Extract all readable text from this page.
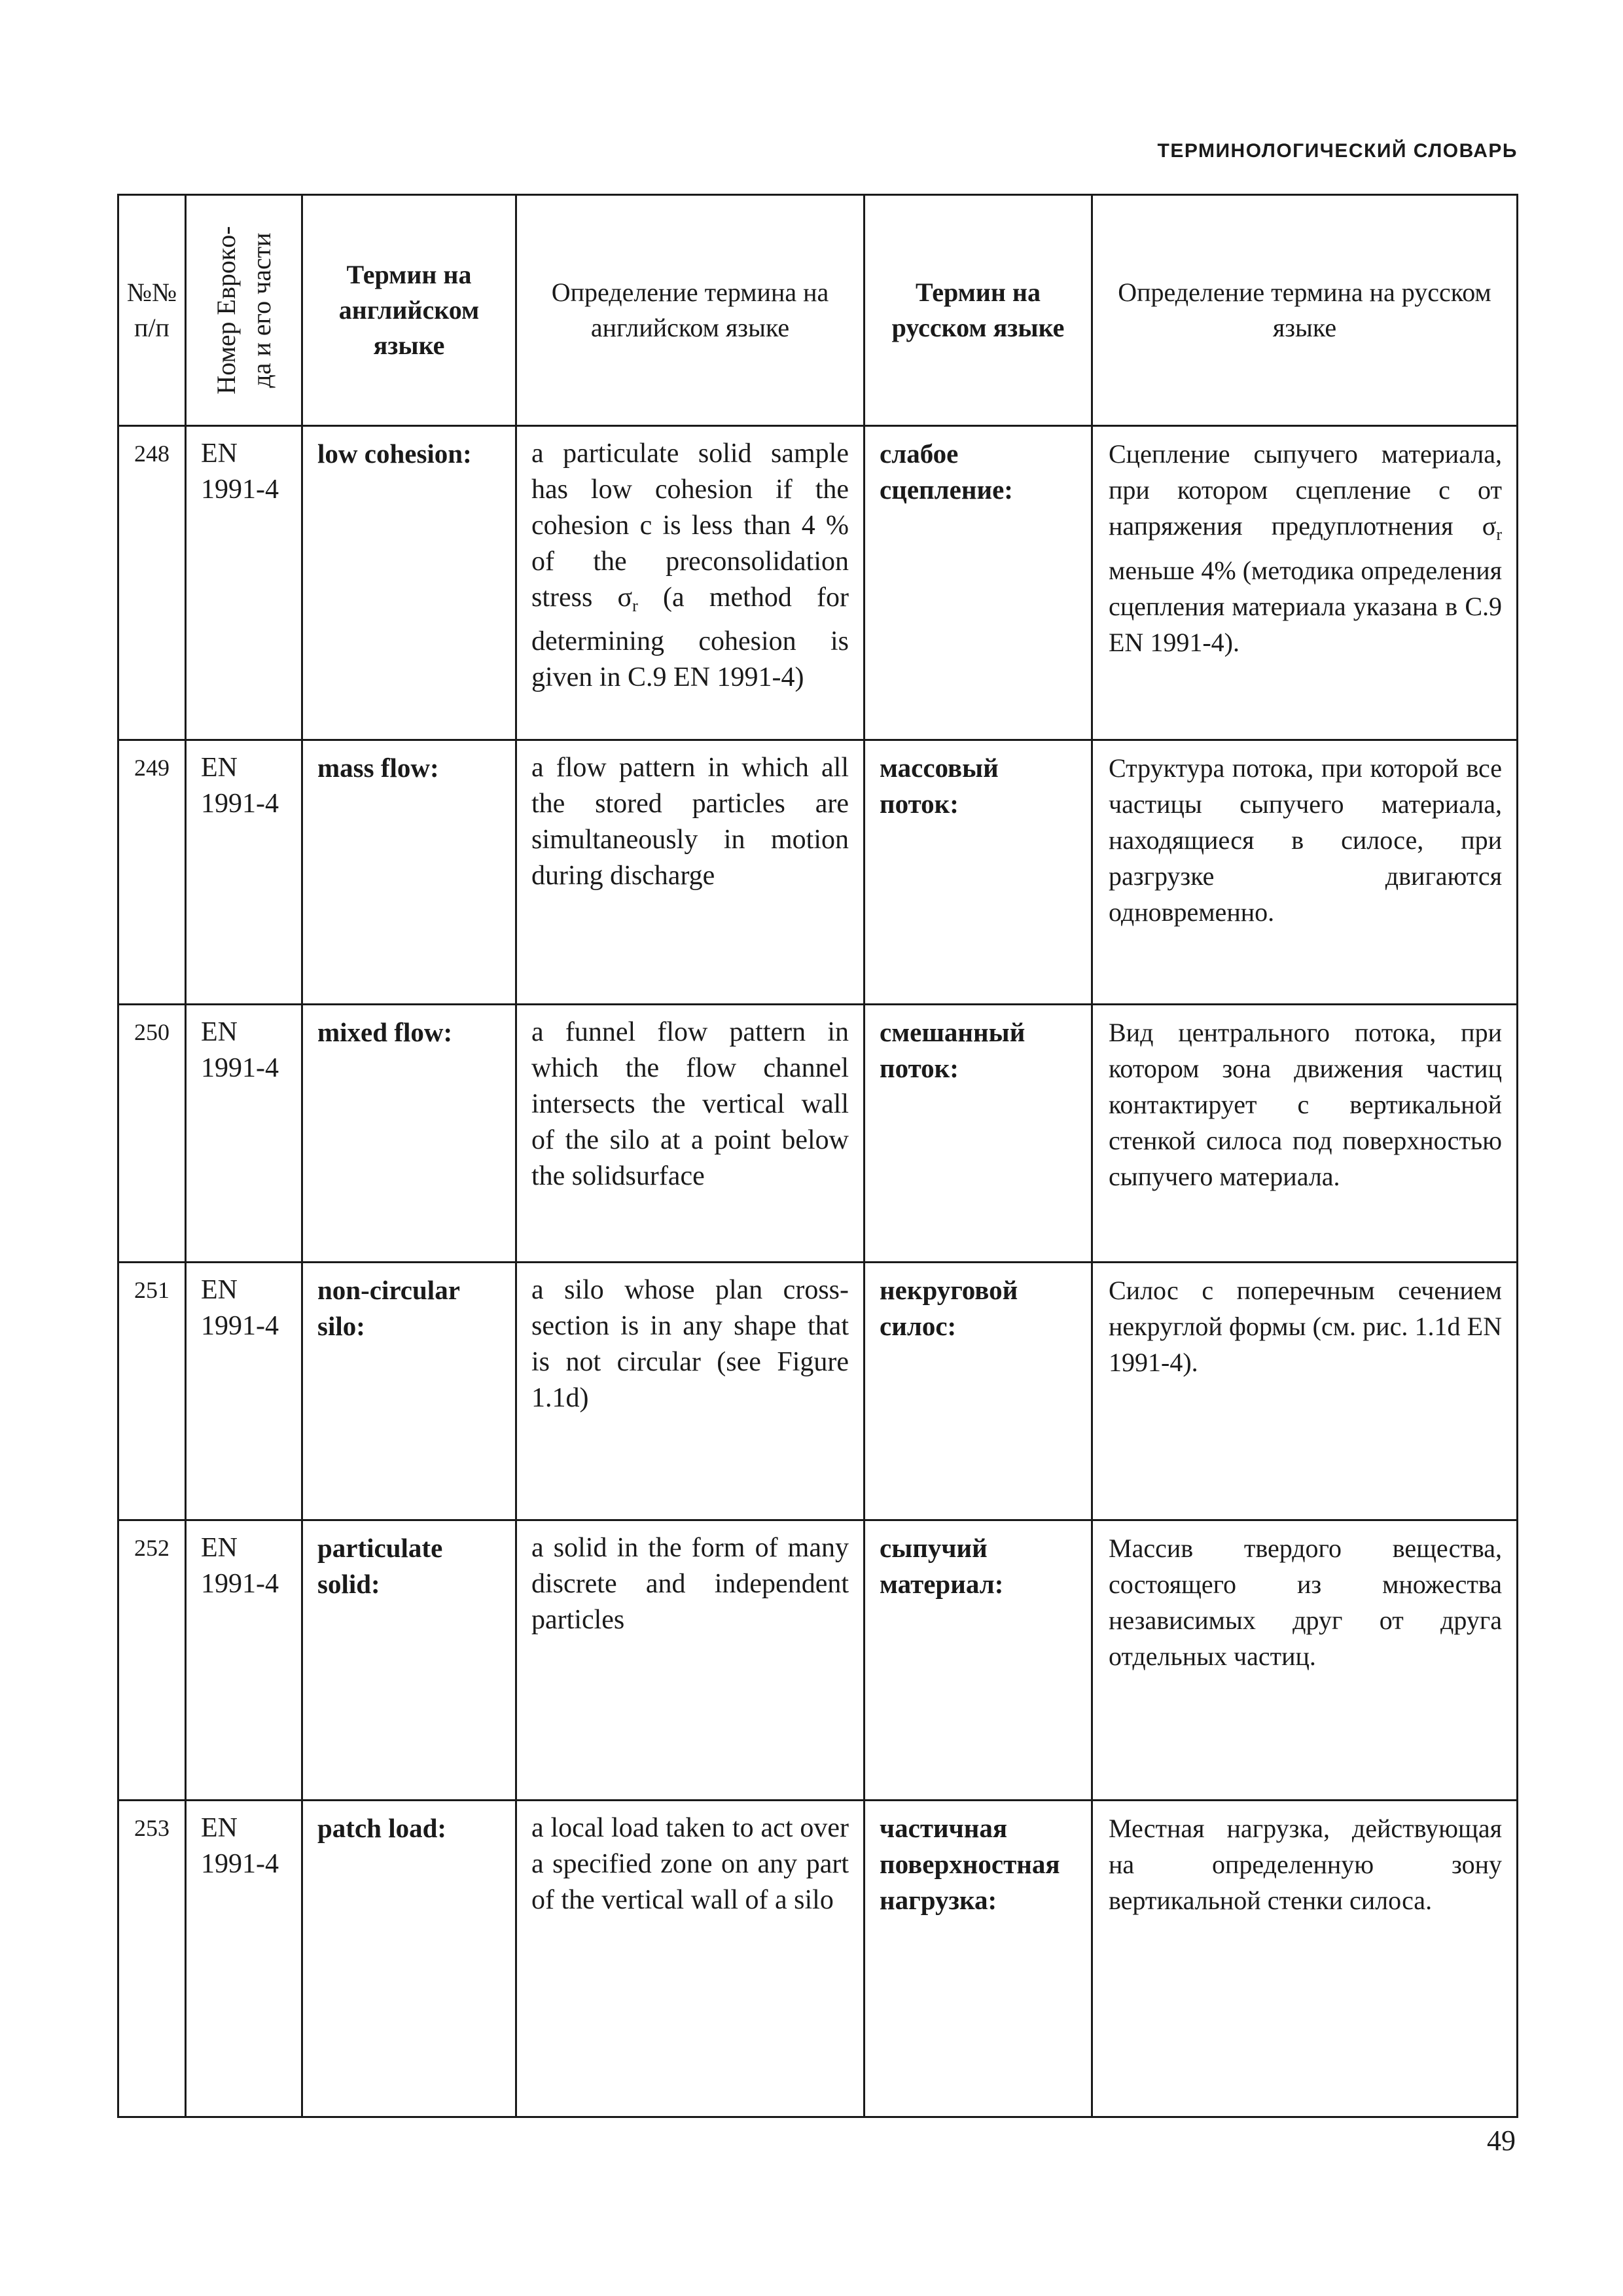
ТЕРМИНОЛОГИЧЕСКИЙ СЛОВАРЬ
№№ п/п	Номер Еврокo- да и его части	Термин на английском языке	Определение термина на английском языке	Термин на русском языке	Определение термина на русском языке
248	EN 1991-4	low cohesion:	a particulate solid sample has low cohesion if the cohesion c is less than 4 % of the preconsolidation stress $\sigma_r$ (a method for determining cohesion is given in C.9 EN 1991-4)	слабое сцепление:	Сцепление сыпучего материала, при котором сцепление с от напряжения предуплотнения $\sigma_r$ меньше 4% (методика определения сцепления материала указана в C.9 EN 1991-4).
249	EN 1991-4	mass flow:	a flow pattern in which all the stored particles are simultaneously in motion during discharge	массовый поток:	Структура потока, при которой все частицы сыпучего материала, находящиеся в силосе, при разгрузке двигаются одновременно.
250	EN 1991-4	mixed flow:	a funnel flow pattern in which the flow channel intersects the vertical wall of the silo at a point below the solidsurface	смешанный поток:	Вид центрального потока, при котором зона движения частиц контактирует с вертикальной стенкой силоса под поверхностью сыпучего материала.
251	EN 1991-4	non-circular silo:	a silo whose plan cross-section is in any shape that is not circular (see Figure 1.1d)	некруговой силос:	Силос с поперечным сечением некруглой формы (см. рис. 1.1d EN 1991-4).
252	EN 1991-4	particulate solid:	a solid in the form of many discrete and independent particles	сыпучий материал:	Массив твердого вещества, состоящего из множества независимых друг от друга отдельных частиц.
253	EN 1991-4	patch load:	a local load taken to act over a specified zone on any part of the vertical wall of a silo	частичная поверхностная нагрузка:	Местная нагрузка, действующая на определенную зону вертикальной стенки силоса.
49
